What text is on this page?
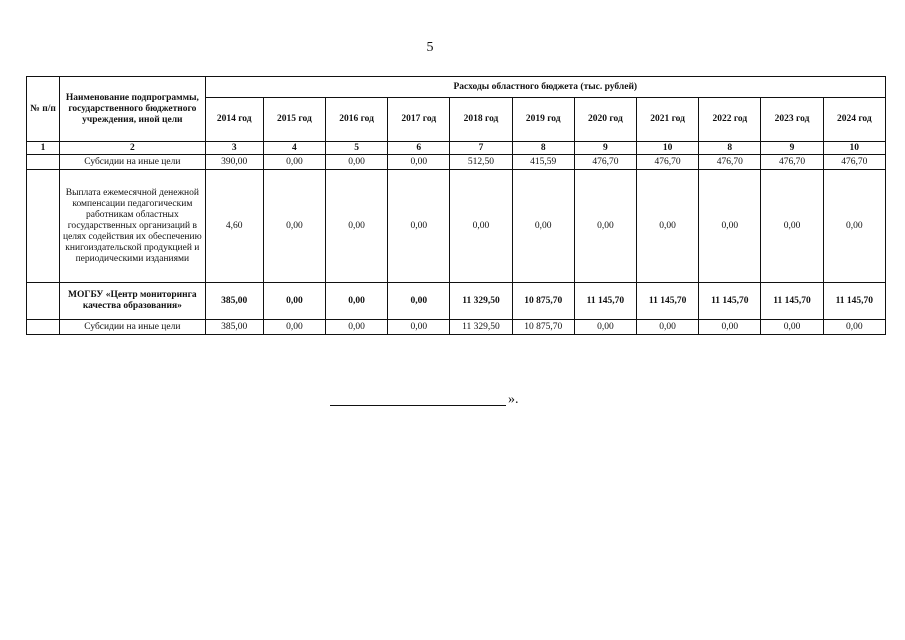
5
№ п/п	Наименование подпрограммы, государственного бюджетного учреждения, иной цели	Расходы областного бюджета (тыс. рублей)										
		2014 год	2015 год	2016 год	2017 год	2018 год	2019 год	2020 год	2021 год	2022 год	2023 год	2024 год
1	2	3	4	5	6	7	8	9	10	8	9	10
	Субсидии на иные цели	390,00	0,00	0,00	0,00	512,50	415,59	476,70	476,70	476,70	476,70	476,70
	Выплата ежемесячной денежной компенсации педагогическим работникам областных государственных организаций в целях содействия их обеспечению книгоиздательской продукцией и периодическими изданиями	4,60	0,00	0,00	0,00	0,00	0,00	0,00	0,00	0,00	0,00	0,00
	МОГБУ «Центр мониторинга качества образования»	385,00	0,00	0,00	0,00	11 329,50	10 875,70	11 145,70	11 145,70	11 145,70	11 145,70	11 145,70
	Субсидии на иные цели	385,00	0,00	0,00	0,00	11 329,50	10 875,70	0,00	0,00	0,00	0,00	0,00
».
